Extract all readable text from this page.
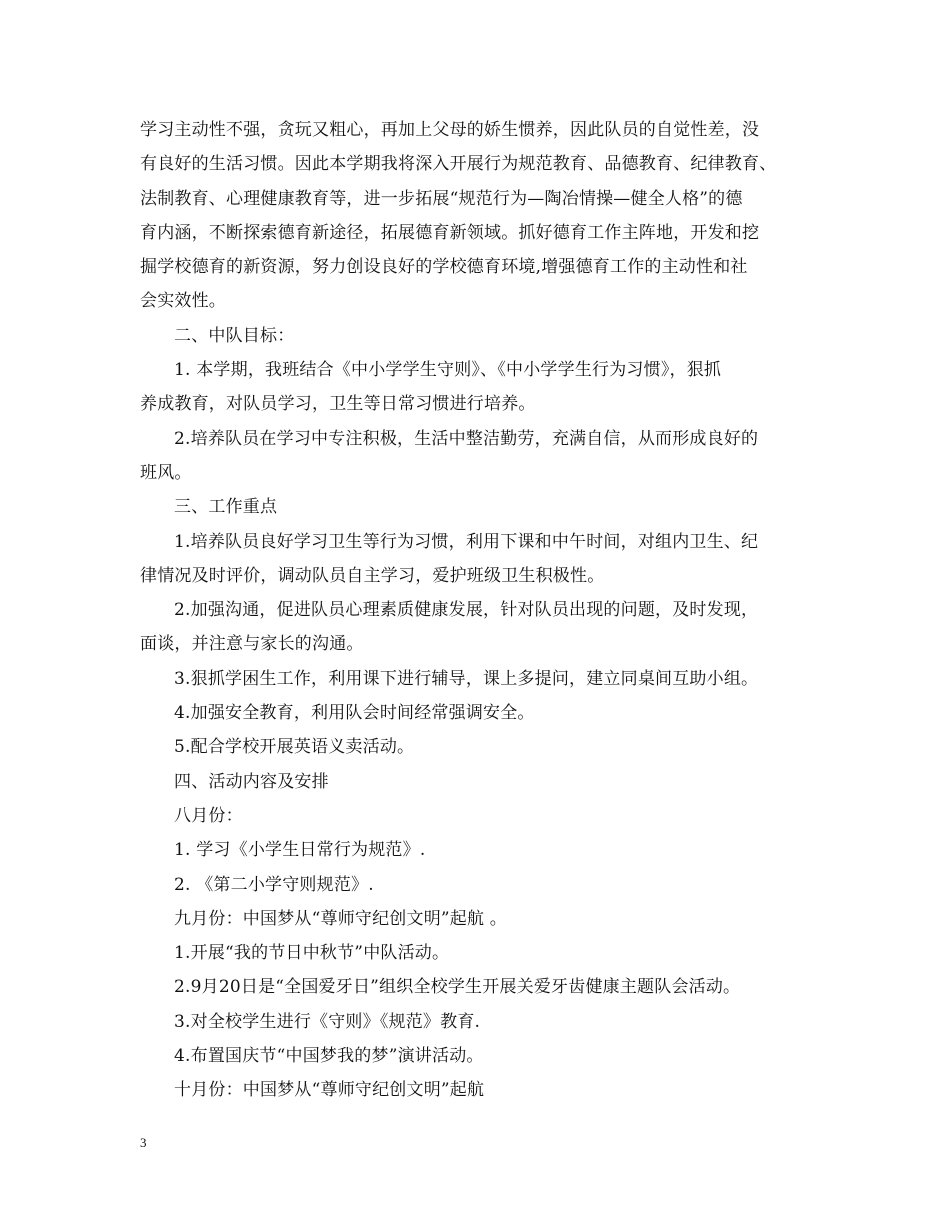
学习主动性不强，贪玩又粗心，再加上父母的娇生惯养，因此队员的自觉性差，没
有良好的生活习惯。因此本学期我将深入开展行为规范教育、品德教育、纪律教育、
法制教育、心理健康教育等，进一步拓展“规范行为—陶冶情操—健全人格”的德
育内涵，不断探索德育新途径，拓展德育新领域。抓好德育工作主阵地，开发和挖
掘学校德育的新资源，努力创设良好的学校德育环境,增强德育工作的主动性和社
会实效性。
二、中队目标：
1. 本学期，我班结合《中小学学生守则》、《中小学学生行为习惯》，狠抓
养成教育，对队员学习，卫生等日常习惯进行培养。
2.培养队员在学习中专注积极，生活中整洁勤劳，充满自信，从而形成良好的
班风。
三、工作重点
1.培养队员良好学习卫生等行为习惯，利用下课和中午时间，对组内卫生、纪
律情况及时评价，调动队员自主学习，爱护班级卫生积极性。
2.加强沟通，促进队员心理素质健康发展，针对队员出现的问题，及时发现，
面谈，并注意与家长的沟通。
3.狠抓学困生工作，利用课下进行辅导，课上多提问，建立同桌间互助小组。
4.加强安全教育，利用队会时间经常强调安全。
5.配合学校开展英语义卖活动。
四、活动内容及安排
八月份：
1. 学习《小学生日常行为规范》.
2. 《第二小学守则规范》.
九月份：中国梦从“尊师守纪创文明”起航 。
1.开展“我的节日中秋节”中队活动。
2.9月20日是“全国爱牙日”组织全校学生开展关爱牙齿健康主题队会活动。
3.对全校学生进行《守则》《规范》教育.
4.布置国庆节“中国梦我的梦”演讲活动。
十月份：中国梦从“尊师守纪创文明”起航
3
